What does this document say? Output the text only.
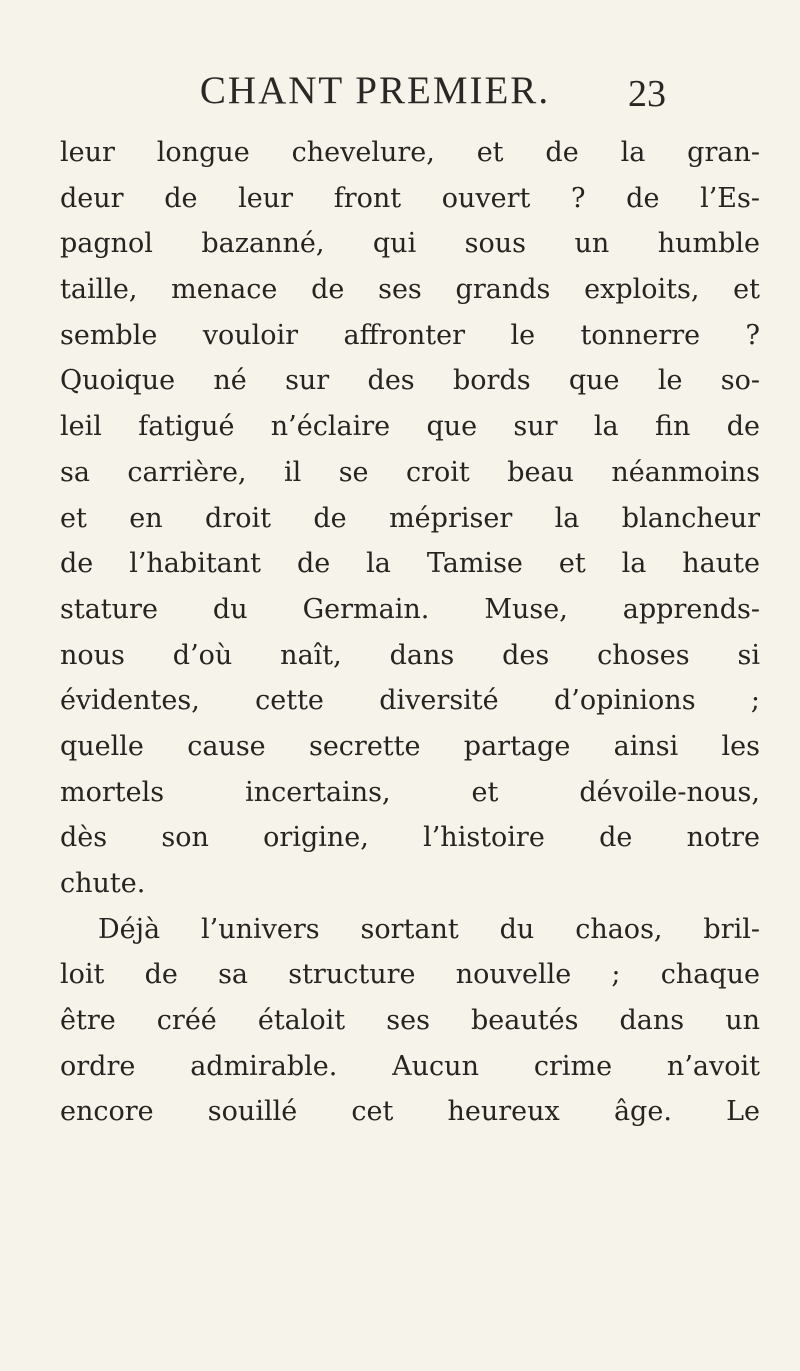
CHANT PREMIER. 23
leur longue chevelure, et de la gran-
deur de leur front ouvert ? de l’Es-
pagnol bazanné, qui sous un humble
taille, menace de ses grands exploits, et
semble vouloir affronter le tonnerre ?
Quoique né sur des bords que le so-
leil fatigué n’éclaire que sur la fin de
sa carrière, il se croit beau néanmoins
et en droit de mépriser la blancheur
de l’habitant de la Tamise et la haute
stature du Germain. Muse, apprends-
nous d’où naît, dans des choses si
évidentes, cette diversité d’opinions ;
quelle cause secrette partage ainsi les
mortels incertains, et dévoile-nous,
dès son origine, l’histoire de notre
chute.
Déjà l’univers sortant du chaos, bril-
loit de sa structure nouvelle ; chaque
être créé étaloit ses beautés dans un
ordre admirable. Aucun crime n’avoit
encore souillé cet heureux âge. Le
